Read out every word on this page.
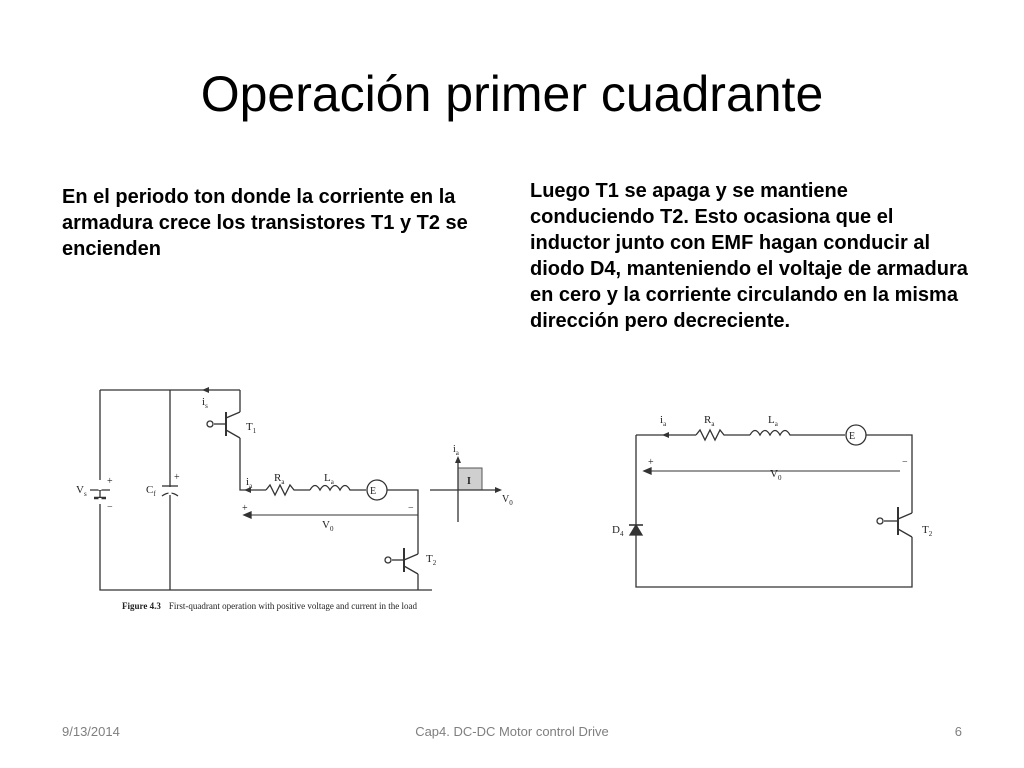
Operación primer cuadrante
En el periodo ton donde la corriente en la armadura crece los transistores T1 y T2 se encienden
Luego T1 se apaga y se mantiene conduciendo T2. Esto ocasiona que el inductor junto con EMF hagan conducir al diodo D4, manteniendo el voltaje de armadura en cero y la corriente circulando en la misma dirección pero decreciente.
$V_s$
+
−
$C_f$
+
$i_s$
$T_1$
$i_a$
$R_a$	$L_a$
E
+	−
$V_0$
$T_2$
$i_a$
$V_0$
I
Figure 4.3 First-quadrant operation with positive voltage and current in the load
$i_a$	$R_a$	$L_a$
E
+	−
$V_0$
$D_4$	$T_2$
9/13/2014	Cap4. DC-DC Motor control Drive	6
